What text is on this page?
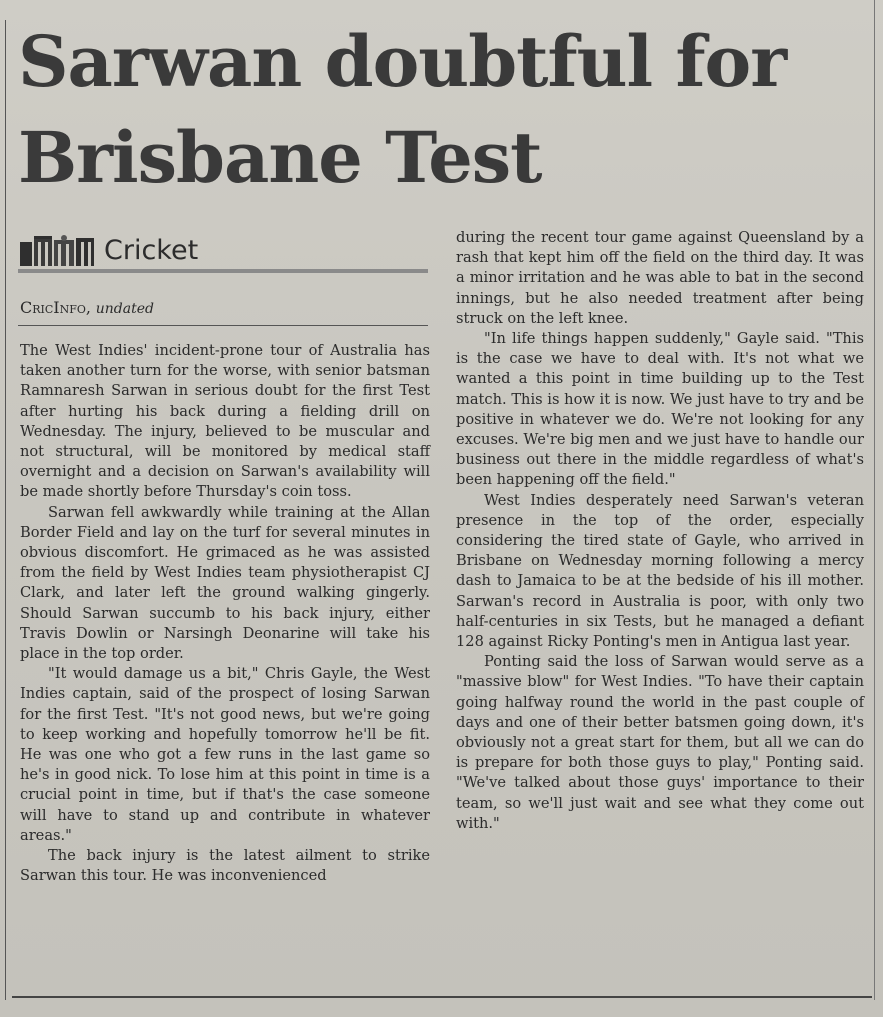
Sarwan doubtful for
Brisbane Test
Cricket
CricInfo, undated

The West Indies' incident-prone tour of Australia has taken another turn for the worse, with senior batsman Ramnaresh Sarwan in serious doubt for the first Test after hurting his back during a fielding drill on Wednesday. The injury, believed to be muscular and not structural, will be monitored by medical staff overnight and a decision on Sarwan's availability will be made shortly before Thursday's coin toss.

Sarwan fell awkwardly while training at the Allan Border Field and lay on the turf for several minutes in obvious discomfort. He grimaced as he was assisted from the field by West Indies team physiotherapist CJ Clark, and later left the ground walking gingerly. Should Sarwan succumb to his back injury, either Travis Dowlin or Narsingh Deonarine will take his place in the top order.

"It would damage us a bit," Chris Gayle, the West Indies captain, said of the prospect of losing Sarwan for the first Test. "It's not good news, but we're going to keep working and hopefully tomorrow he'll be fit. He was one who got a few runs in the last game so he's in good nick. To lose him at this point in time is a crucial point in time, but if that's the case someone will have to stand up and contribute in whatever areas."

The back injury is the latest ailment to strike Sarwan this tour. He was inconvenienced

during the recent tour game against Queensland by a rash that kept him off the field on the third day. It was a minor irritation and he was able to bat in the second innings, but he also needed treatment after being struck on the left knee.

"In life things happen suddenly," Gayle said. "This is the case we have to deal with. It's not what we wanted a this point in time building up to the Test match. This is how it is now. We just have to try and be positive in whatever we do. We're not looking for any excuses. We're big men and we just have to handle our business out there in the middle regardless of what's been happening off the field."

West Indies desperately need Sarwan's veteran presence in the top of the order, especially considering the tired state of Gayle, who arrived in Brisbane on Wednesday morning following a mercy dash to Jamaica to be at the bedside of his ill mother. Sarwan's record in Australia is poor, with only two half-centuries in six Tests, but he managed a defiant 128 against Ricky Ponting's men in Antigua last year.

Ponting said the loss of Sarwan would serve as a "massive blow" for West Indies. "To have their captain going halfway round the world in the past couple of days and one of their better batsmen going down, it's obviously not a great start for them, but all we can do is prepare for both those guys to play," Ponting said. "We've talked about those guys' importance to their team, so we'll just wait and see what they come out with."
